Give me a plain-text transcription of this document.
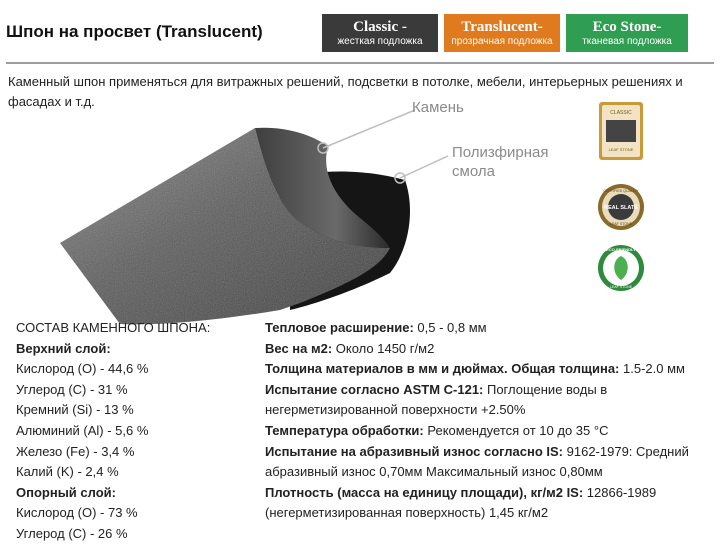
Шпон на просвет (Translucent)	Classic -
жесткая подложка
Translucent-
прозрачная подложка
Eco Stone-
тканевая подложка
Каменный шпон применяться для витражных решений, подсветки в потолке, мебели, интерьерных решениях и фасадах и т.д.	Камень
Полизфирная
смола
CLASSIC
LEAF STONE
CERTIFIED QUALITY
REAL SLATE
LEAF STONE
ECO-FRIENDLY
LEAF STONE
СОСТАВ КАМЕННОГО ШПОНА:
Верхний слой:
Кислород (O) - 44,6 %
Углерод (C) - 31 %
Кремний (Si) - 13 %
Алюминий (Al) - 5,6 %
Железо (Fe) - 3,4 %
Калий (K) - 2,4 %
Опорный слой:
Кислород (O) - 73 %
Углерод (C) - 26 %
Тепловое расширение: 0,5 - 0,8 мм
Вес на м2: Около 1450 г/м2
Толщина материалов в мм и дюймах. Общая толщина: 1.5-2.0 мм
Испытание согласно ASTM C-121: Поглощение воды в негерметизированной поверхности +2.50%
Температура обработки: Рекомендуется от 10 до 35 °C
Испытание на абразивный износ согласно IS: 9162-1979: Средний абразивный износ 0,70мм Максимальный износ 0,80мм
Плотность (масса на единицу площади), кг/м2 IS: 12866-1989 (негерметизированная поверхность) 1,45 кг/м2
